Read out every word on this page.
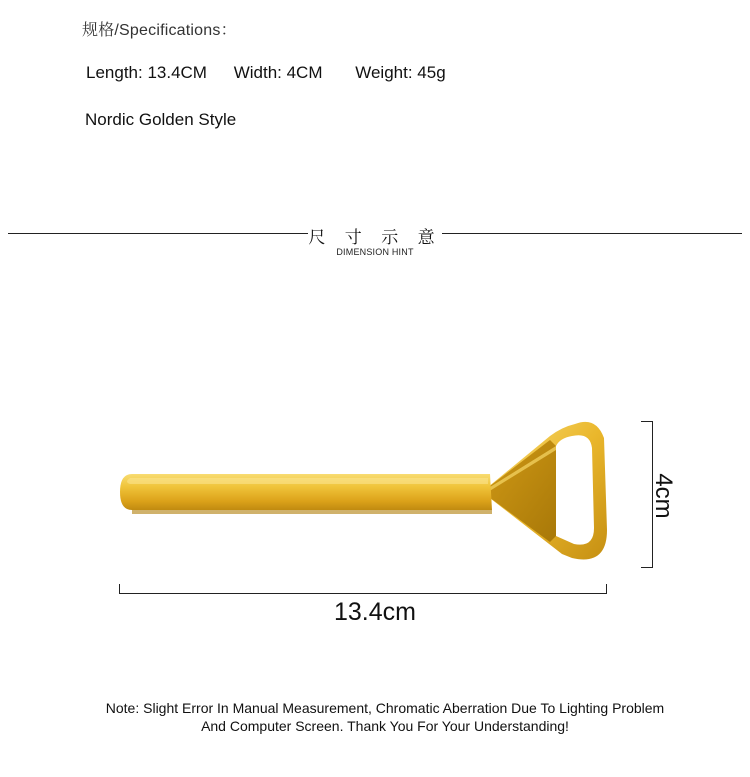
规格/Specifications：
Length: 13.4CM Width: 4CM Weight: 45g
Nordic Golden Style
尺 寸 示 意
DIMENSION HINT
13.4cm
4cm
Note: Slight Error In Manual Measurement, Chromatic Aberration Due To Lighting Problem
And Computer Screen. Thank You For Your Understanding!
